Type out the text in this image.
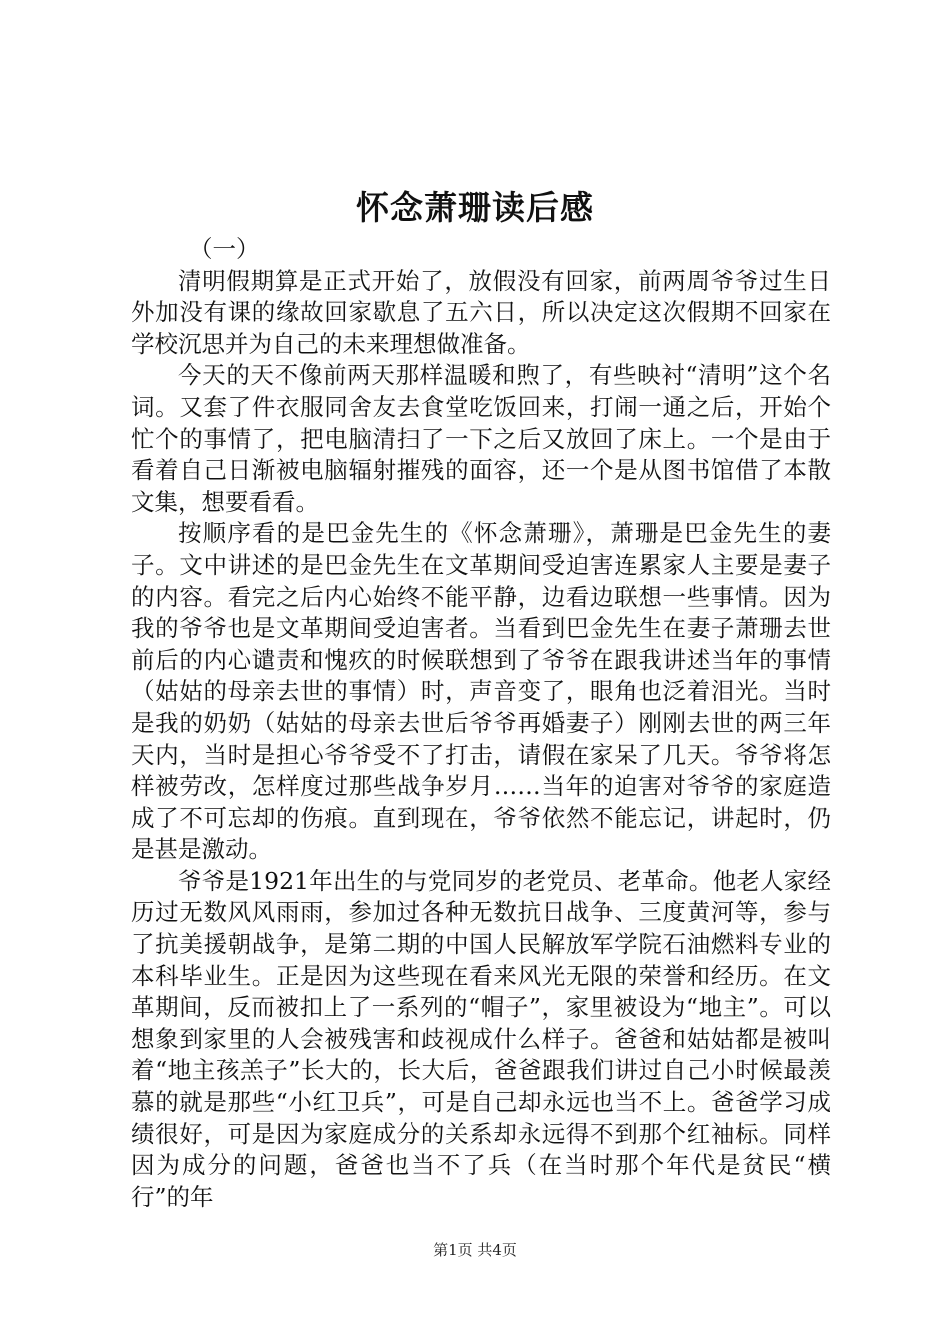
怀念萧珊读后感

（一）

清明假期算是正式开始了，放假没有回家，前两周爷爷过生日外加没有课的缘故回家歇息了五六日，所以决定这次假期不回家在学校沉思并为自己的未来理想做准备。

今天的天不像前两天那样温暖和煦了，有些映衬“清明”这个名词。又套了件衣服同舍友去食堂吃饭回来，打闹一通之后，开始个忙个的事情了，把电脑清扫了一下之后又放回了床上。一个是由于看着自己日渐被电脑辐射摧残的面容，还一个是从图书馆借了本散文集，想要看看。

按顺序看的是巴金先生的《怀念萧珊》，萧珊是巴金先生的妻子。文中讲述的是巴金先生在文革期间受迫害连累家人主要是妻子的内容。看完之后内心始终不能平静，边看边联想一些事情。因为我的爷爷也是文革期间受迫害者。当看到巴金先生在妻子萧珊去世前后的内心谴责和愧疚的时候联想到了爷爷在跟我讲述当年的事情（姑姑的母亲去世的事情）时，声音变了，眼角也泛着泪光。当时是我的奶奶（姑姑的母亲去世后爷爷再婚妻子）刚刚去世的两三年天内，当时是担心爷爷受不了打击，请假在家呆了几天。爷爷将怎样被劳改，怎样度过那些战争岁月……当年的迫害对爷爷的家庭造成了不可忘却的伤痕。直到现在，爷爷依然不能忘记，讲起时，仍是甚是激动。

爷爷是1921年出生的与党同岁的老党员、老革命。他老人家经历过无数风风雨雨，参加过各种无数抗日战争、三度黄河等，参与了抗美援朝战争，是第二期的中国人民解放军学院石油燃料专业的本科毕业生。正是因为这些现在看来风光无限的荣誉和经历。在文革期间，反而被扣上了一系列的“帽子”，家里被设为“地主”。可以想象到家里的人会被残害和歧视成什么样子。爸爸和姑姑都是被叫着“地主孩羔子”长大的，长大后，爸爸跟我们讲过自己小时候最羡慕的就是那些“小红卫兵”，可是自己却永远也当不上。爸爸学习成绩很好，可是因为家庭成分的关系却永远得不到那个红袖标。同样因为成分的问题，爸爸也当不了兵（在当时那个年代是贫民“横行”的年

第1页 共4页
